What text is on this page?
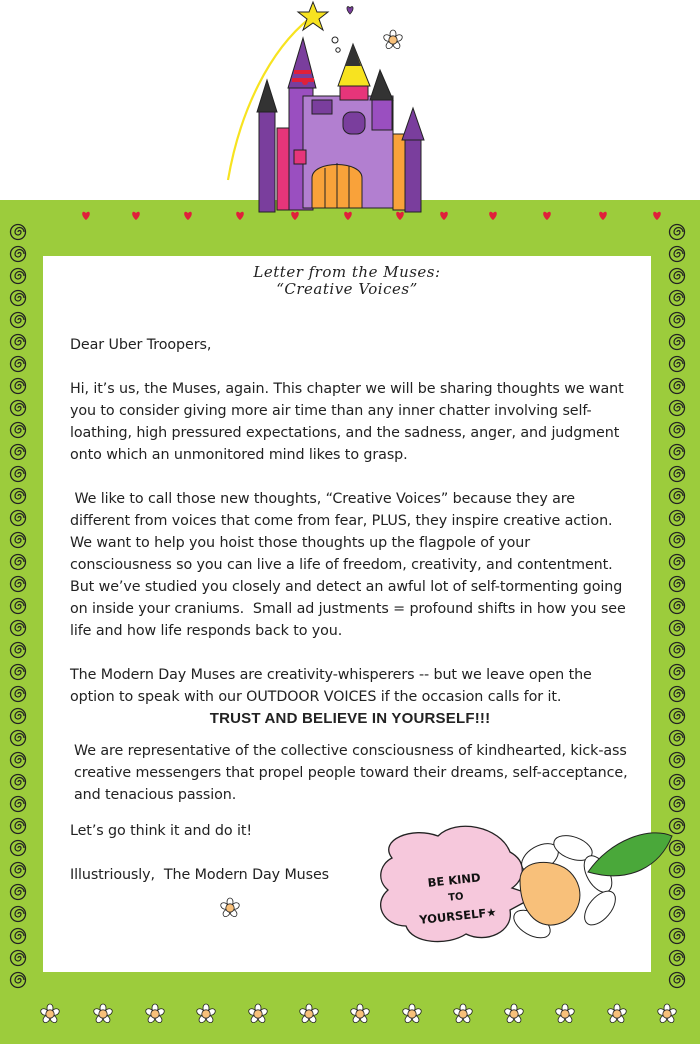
Letter from the Muses:
“Creative Voices”

Dear Uber Troopers,

Hi, it’s us, the Muses, again. This chapter we will be sharing thoughts we want you to consider giving more air time than any inner chatter involving self-loathing, high pressured expectations, and the sadness, anger, and judgment onto which an unmonitored mind likes to grasp.

We like to call those new thoughts, “Creative Voices” because they are different from voices that come from fear, PLUS, they inspire creative action.  We want to help you hoist those thoughts up the flagpole of your consciousness so you can live a life of freedom, creativity, and contentment. But we’ve studied you closely and detect an awful lot of self-tormenting going on inside your craniums.  Small ad justments = profound shifts in how you see life and how life responds back to you.

The Modern Day Muses are creativity-whisperers -- but we leave open the option to speak with our OUTDOOR VOICES if the occasion calls for it.

TRUST AND BELIEVE IN YOURSELF!!!

We are representative of the collective consciousness of kindhearted, kick-ass creative messengers that propel people toward their dreams, self-acceptance, and tenacious passion.

Let’s go think it and do it!

Illustriously,  The Modern Day Muses	BE KIND
TO
YOURSELF★
